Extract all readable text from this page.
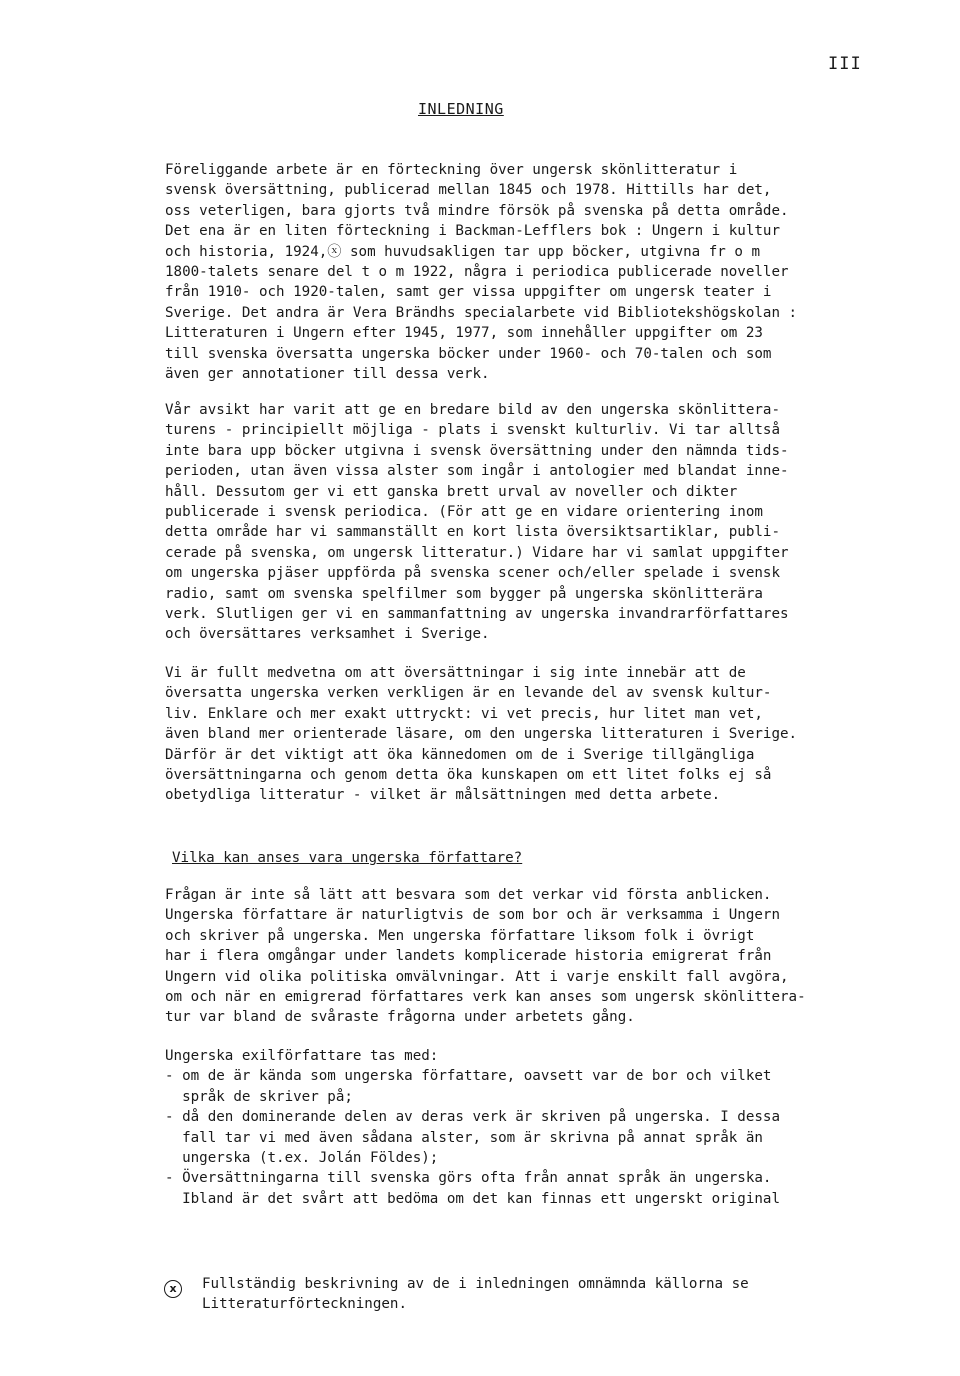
III
INLEDNING
Föreliggande arbete är en förteckning över ungersk skönlitteratur i
svensk översättning, publicerad mellan 1845 och 1978. Hittills har det,
oss veterligen, bara gjorts två mindre försök på svenska på detta område.
Det ena är en liten förteckning i Backman-Lefflers bok : Ungern i kultur
och historia, 1924,ⓧ som huvudsakligen tar upp böcker, utgivna fr o m
1800-talets senare del t o m 1922, några i periodica publicerade noveller
från 1910- och 1920-talen, samt ger vissa uppgifter om ungersk teater i
Sverige. Det andra är Vera Brändhs specialarbete vid Bibliotekshögskolan :
Litteraturen i Ungern efter 1945, 1977, som innehåller uppgifter om 23
till svenska översatta ungerska böcker under 1960- och 70-talen och som
även ger annotationer till dessa verk.
Vår avsikt har varit att ge en bredare bild av den ungerska skönlittera-
turens - principiellt möjliga - plats i svenskt kulturliv. Vi tar alltså
inte bara upp böcker utgivna i svensk översättning under den nämnda tids-
perioden, utan även vissa alster som ingår i antologier med blandat inne-
håll. Dessutom ger vi ett ganska brett urval av noveller och dikter
publicerade i svensk periodica. (För att ge en vidare orientering inom
detta område har vi sammanställt en kort lista översiktsartiklar, publi-
cerade på svenska, om ungersk litteratur.) Vidare har vi samlat uppgifter
om ungerska pjäser uppförda på svenska scener och/eller spelade i svensk
radio, samt om svenska spelfilmer som bygger på ungerska skönlitterära
verk. Slutligen ger vi en sammanfattning av ungerska invandrarförfattares
och översättares verksamhet i Sverige.
Vi är fullt medvetna om att översättningar i sig inte innebär att de
översatta ungerska verken verkligen är en levande del av svensk kultur-
liv. Enklare och mer exakt uttryckt: vi vet precis, hur litet man vet,
även bland mer orienterade läsare, om den ungerska litteraturen i Sverige.
Därför är det viktigt att öka kännedomen om de i Sverige tillgängliga
översättningarna och genom detta öka kunskapen om ett litet folks ej så
obetydliga litteratur - vilket är målsättningen med detta arbete.
Vilka kan anses vara ungerska författare?
Frågan är inte så lätt att besvara som det verkar vid första anblicken.
Ungerska författare är naturligtvis de som bor och är verksamma i Ungern
och skriver på ungerska. Men ungerska författare liksom folk i övrigt
har i flera omgångar under landets komplicerade historia emigrerat från
Ungern vid olika politiska omvälvningar. Att i varje enskilt fall avgöra,
om och när en emigrerad författares verk kan anses som ungersk skönlittera-
tur var bland de svåraste frågorna under arbetets gång.
Ungerska exilförfattare tas med:
- om de är kända som ungerska författare, oavsett var de bor och vilket
språk de skriver på;
- då den dominerande delen av deras verk är skriven på ungerska. I dessa
fall tar vi med även sådana alster, som är skrivna på annat språk än
ungerska (t.ex. Jolán Földes);
- Översättningarna till svenska görs ofta från annat språk än ungerska.
Ibland är det svårt att bedöma om det kan finnas ett ungerskt original
x	Fullständig beskrivning av de i inledningen omnämnda källorna se
Litteraturförteckningen.
